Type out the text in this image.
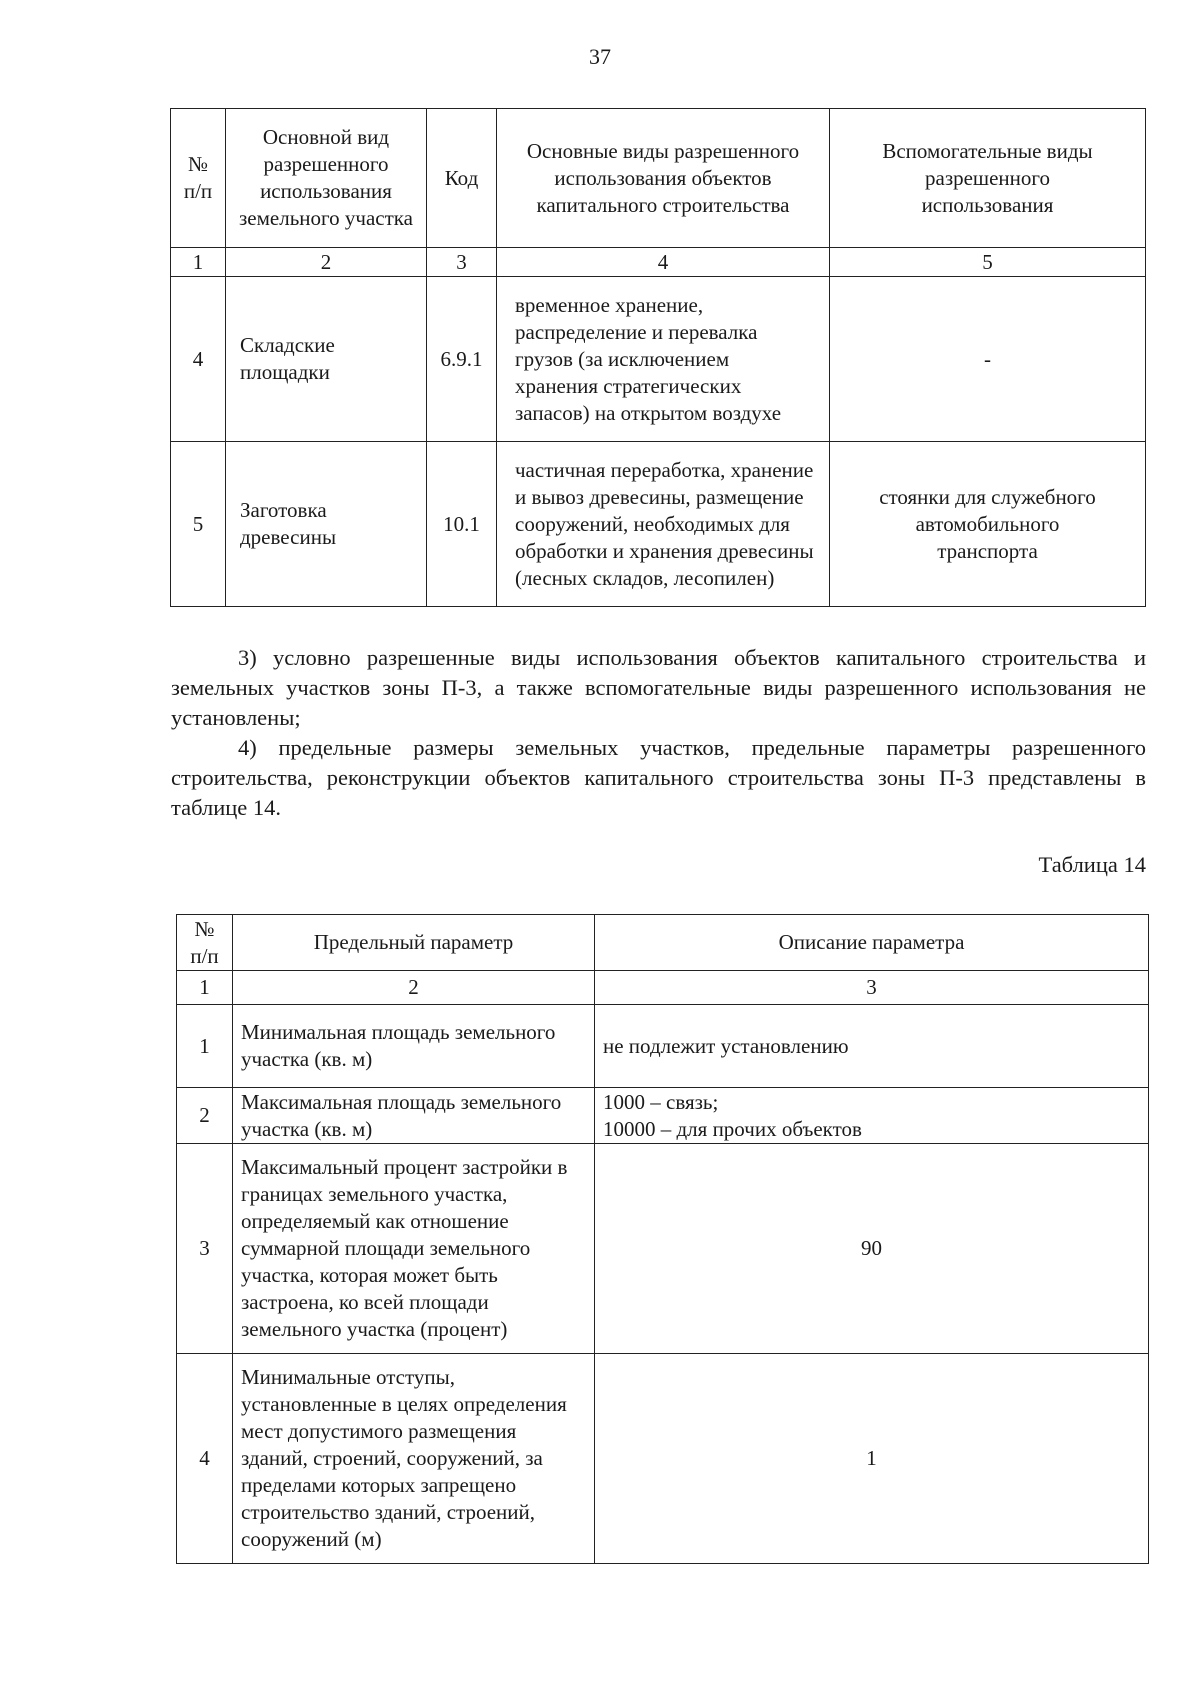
37
№
п/п	Основной вид разрешенного использования земельного участка	Код	Основные виды разрешенного использования объектов капитального строительства	Вспомогательные виды разрешенного использования
1	2	3	4	5
4	Складские площадки	6.9.1	временное хранение, распределение и перевалка грузов (за исключением хранения стратегических запасов) на открытом воздухе	-
5	Заготовка древесины	10.1	частичная переработка, хранение и вывоз древесины, размещение сооружений, необходимых для обработки и хранения древесины (лесных складов, лесопилен)	стоянки для служебного автомобильного транспорта
3) условно разрешенные виды использования объектов капитального строительства и земельных участков зоны П-3, а также вспомогательные виды разрешенного использования не установлены;
4) предельные размеры земельных участков, предельные параметры разрешенного строительства, реконструкции объектов капитального строительства зоны П-3 представлены в таблице 14.
Таблица 14
№
п/п	Предельный параметр	Описание параметра
1	2	3
1	Минимальная площадь земельного участка (кв. м)	не подлежит установлению
2	Максимальная площадь земельного участка (кв. м)	1000 – связь;
10000 – для прочих объектов
3	Максимальный процент застройки в границах земельного участка, определяемый как отношение суммарной площади земельного участка, которая может быть застроена, ко всей площади земельного участка (процент)	90
4	Минимальные отступы, установленные в целях определения мест допустимого размещения зданий, строений, сооружений, за пределами которых запрещено строительство зданий, строений, сооружений (м)	1
